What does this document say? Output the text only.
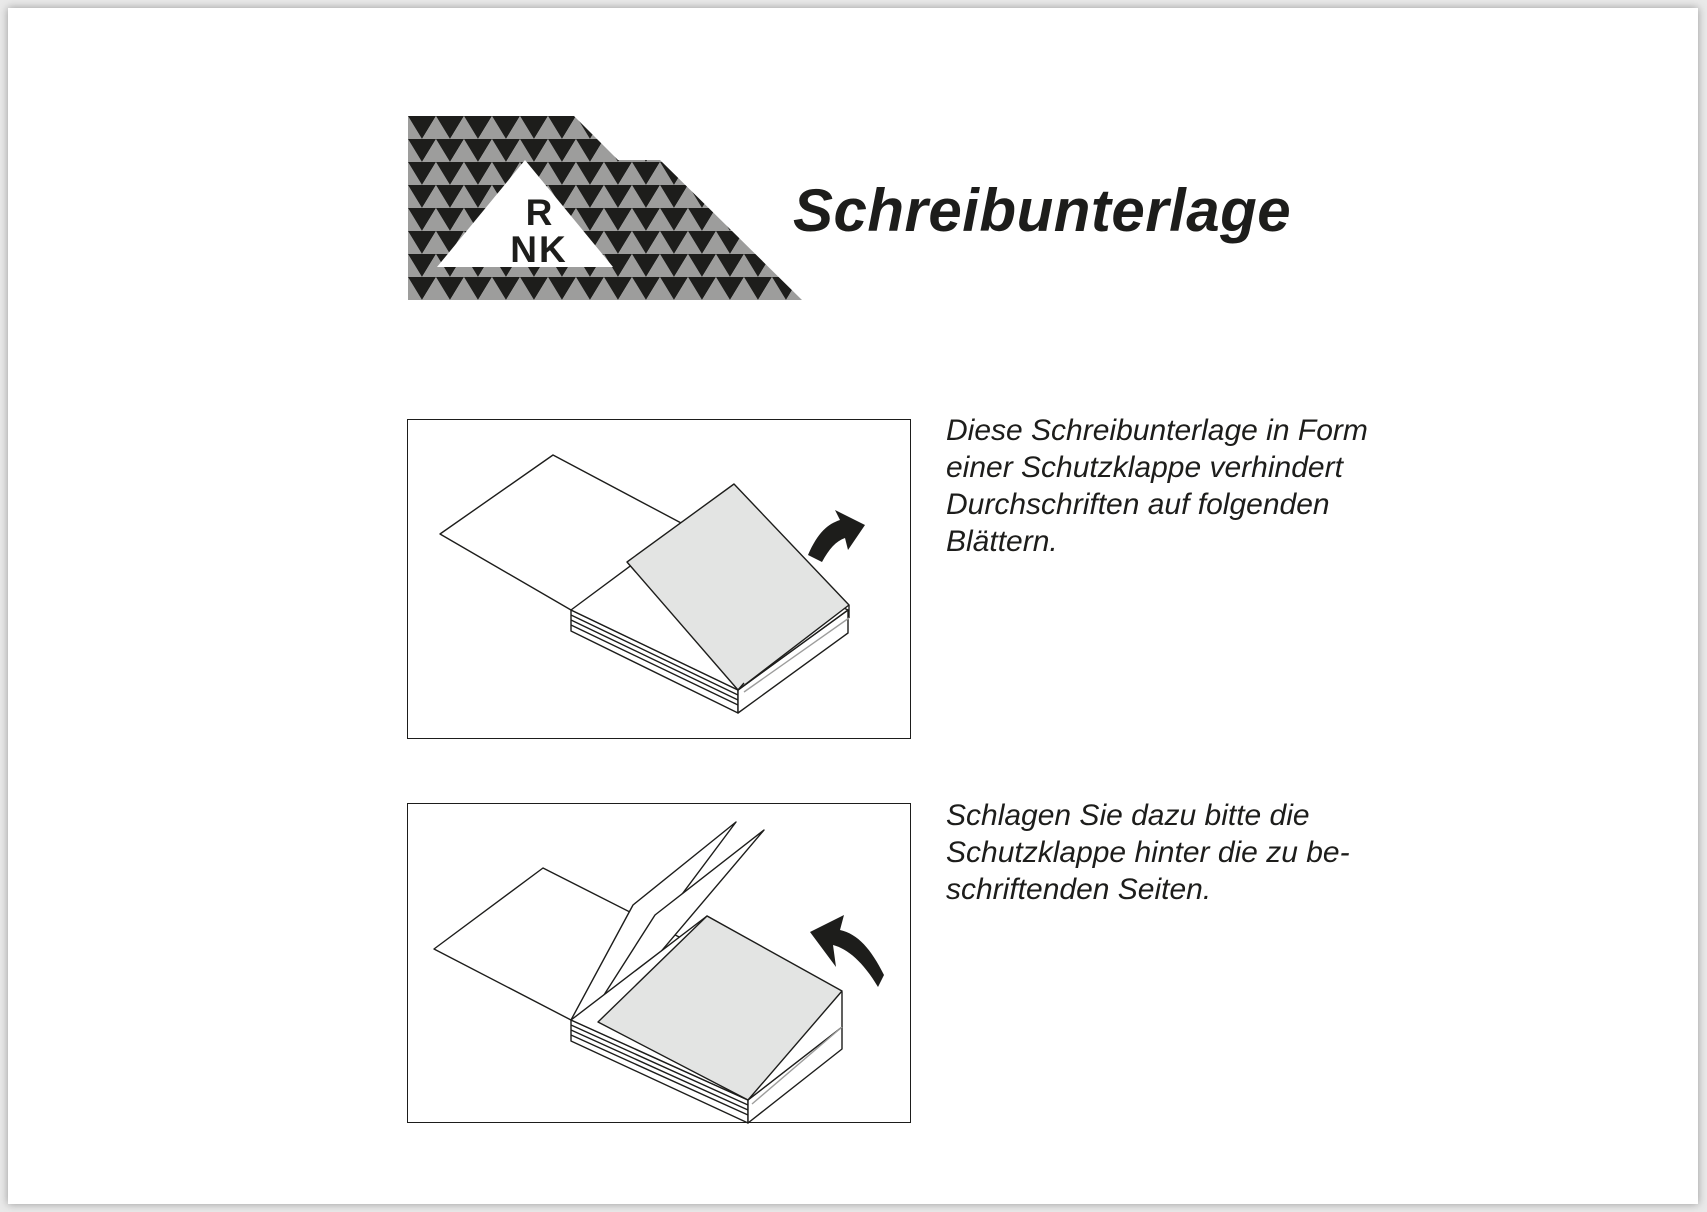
R
NK
Schreibunterlage
Diese Schreibunterlage in Form
einer Schutzklappe verhindert
Durchschriften auf folgenden
Blättern.
Schlagen Sie dazu bitte die
Schutzklappe hinter die zu be-
schriftenden Seiten.
